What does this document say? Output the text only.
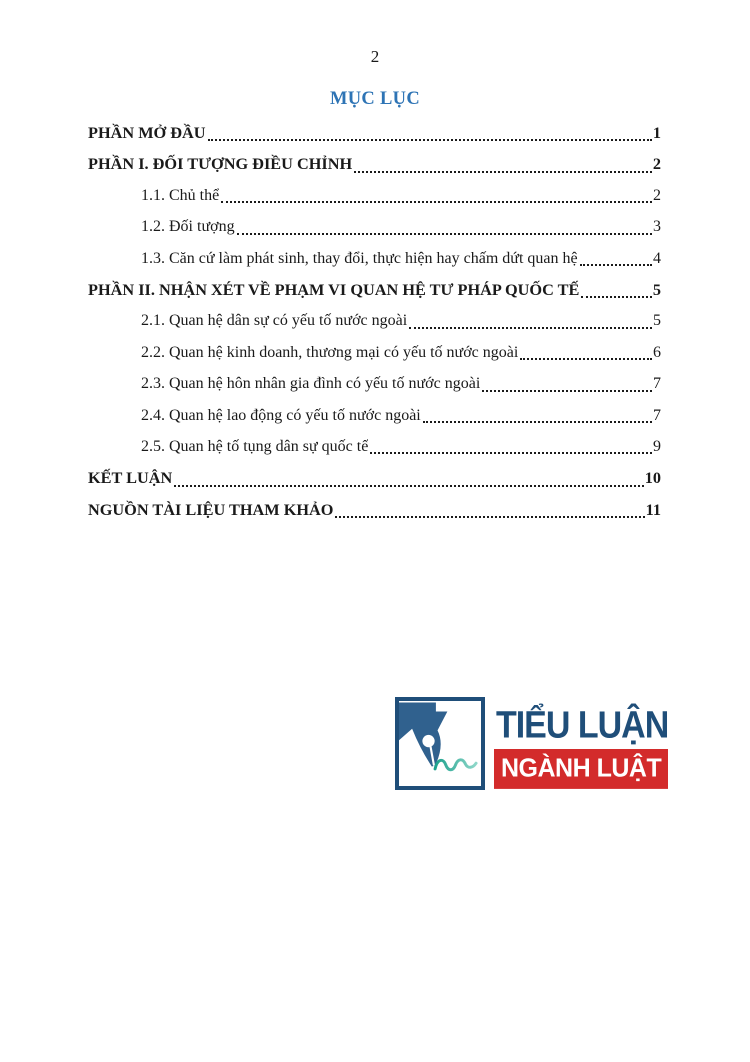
2
MỤC LỤC
PHẦN MỞ ĐẦU	1
PHẦN I. ĐỐI TƯỢNG ĐIỀU CHỈNH	2
1.1. Chủ thể	2
1.2. Đối tượng	3
1.3. Căn cứ làm phát sinh, thay đổi, thực hiện hay chấm dứt quan hệ	4
PHẦN II. NHẬN XÉT VỀ PHẠM VI QUAN HỆ TƯ PHÁP QUỐC TẾ	5
2.1. Quan hệ dân sự có yếu tố nước ngoài	5
2.2. Quan hệ kinh doanh, thương mại có yếu tố nước ngoài	6
2.3. Quan hệ hôn nhân gia đình có yếu tố nước ngoài	7
2.4. Quan hệ lao động có yếu tố nước ngoài	7
2.5. Quan hệ tố tụng dân sự quốc tế	9
KẾT LUẬN	10
NGUỒN TÀI LIỆU THAM KHẢO	11
TIỂU LUẬN
NGÀNH LUẬT
